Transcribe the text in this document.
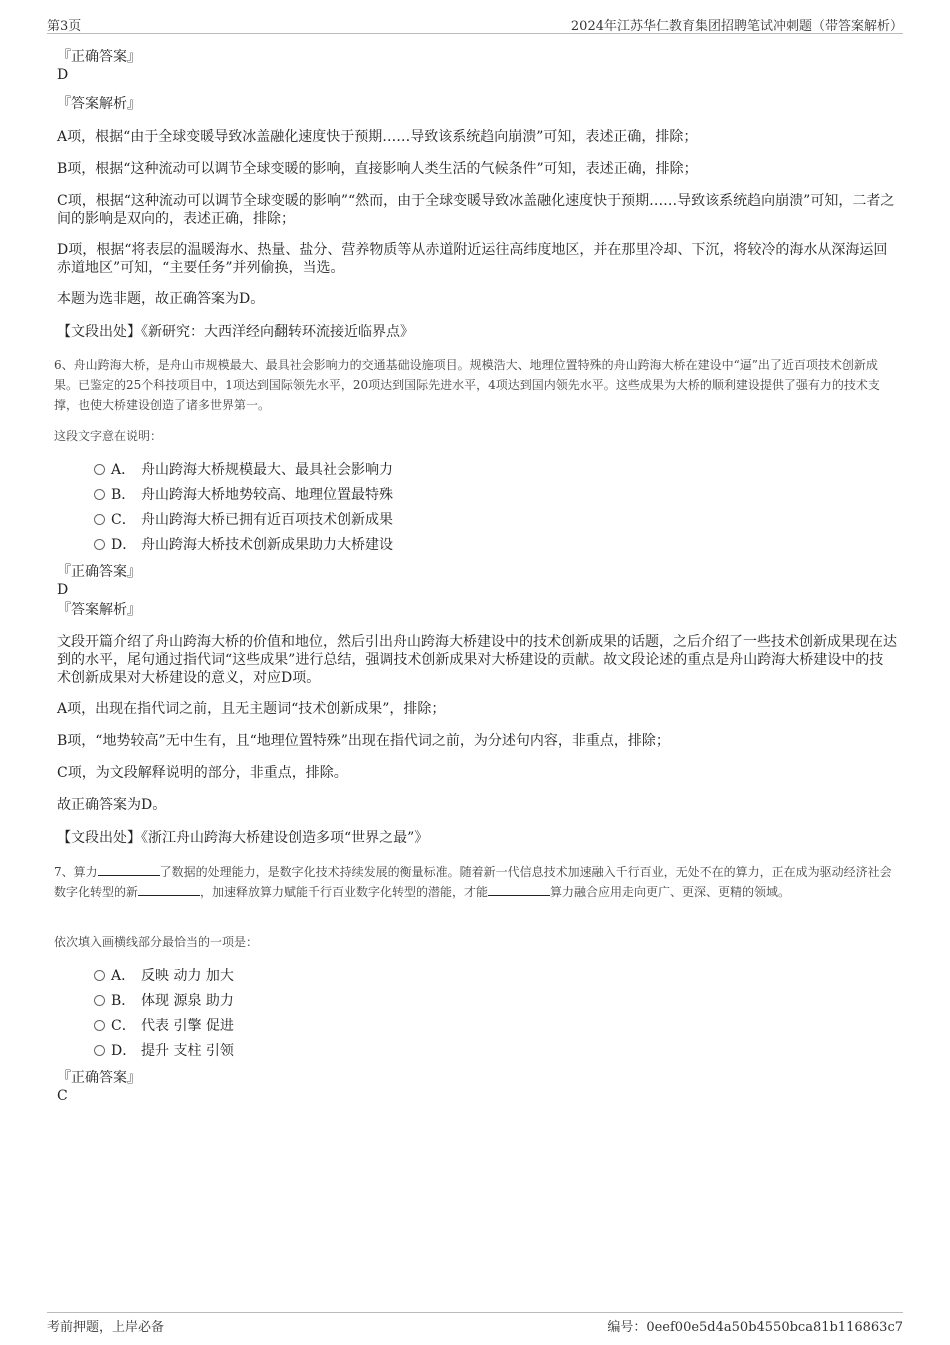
第3页	2024年江苏华仁教育集团招聘笔试冲刺题（带答案解析）
『正确答案』
D
『答案解析』
A项，根据“由于全球变暖导致冰盖融化速度快于预期……导致该系统趋向崩溃”可知，表述正确，排除；
B项，根据“这种流动可以调节全球变暖的影响，直接影响人类生活的气候条件”可知，表述正确，排除；
C项，根据“这种流动可以调节全球变暖的影响”“然而，由于全球变暖导致冰盖融化速度快于预期……导致该系统趋向崩溃”可知，二者之间的影响是双向的，表述正确，排除；
D项，根据“将表层的温暖海水、热量、盐分、营养物质等从赤道附近运往高纬度地区，并在那里冷却、下沉，将较冷的海水从深海运回赤道地区”可知，“主要任务”并列偷换，当选。
本题为选非题，故正确答案为D。
【文段出处】《新研究：大西洋经向翻转环流接近临界点》
6、舟山跨海大桥，是舟山市规模最大、最具社会影响力的交通基础设施项目。规模浩大、地理位置特殊的舟山跨海大桥在建设中“逼”出了近百项技术创新成果。已鉴定的25个科技项目中，1项达到国际领先水平，20项达到国际先进水平，4项达到国内领先水平。这些成果为大桥的顺利建设提供了强有力的技术支撑，也使大桥建设创造了诸多世界第一。
这段文字意在说明：
A． 舟山跨海大桥规模最大、最具社会影响力
B． 舟山跨海大桥地势较高、地理位置最特殊
C． 舟山跨海大桥已拥有近百项技术创新成果
D． 舟山跨海大桥技术创新成果助力大桥建设
『正确答案』
D
『答案解析』
文段开篇介绍了舟山跨海大桥的价值和地位，然后引出舟山跨海大桥建设中的技术创新成果的话题，之后介绍了一些技术创新成果现在达到的水平，尾句通过指代词“这些成果”进行总结，强调技术创新成果对大桥建设的贡献。故文段论述的重点是舟山跨海大桥建设中的技术创新成果对大桥建设的意义，对应D项。
A项，出现在指代词之前，且无主题词“技术创新成果”，排除；
B项，“地势较高”无中生有，且“地理位置特殊”出现在指代词之前，为分述句内容，非重点，排除；
C项，为文段解释说明的部分，非重点，排除。
故正确答案为D。
【文段出处】《浙江舟山跨海大桥建设创造多项“世界之最”》
7、算力	了数据的处理能力，是数字化技术持续发展的衡量标准。随着新一代信息技术加速融入千行百业，无处不在的算力，正在成为驱动经济社会数字化转型的新	，加速释放算力赋能千行百业数字化转型的潜能，才能	算力融合应用走向更广、更深、更精的领域。
依次填入画横线部分最恰当的一项是：
A． 反映 动力 加大
B． 体现 源泉 助力
C． 代表 引擎 促进
D． 提升 支柱 引领
『正确答案』
C
考前押题，上岸必备	编号：0eef00e5d4a50b4550bca81b116863c7
